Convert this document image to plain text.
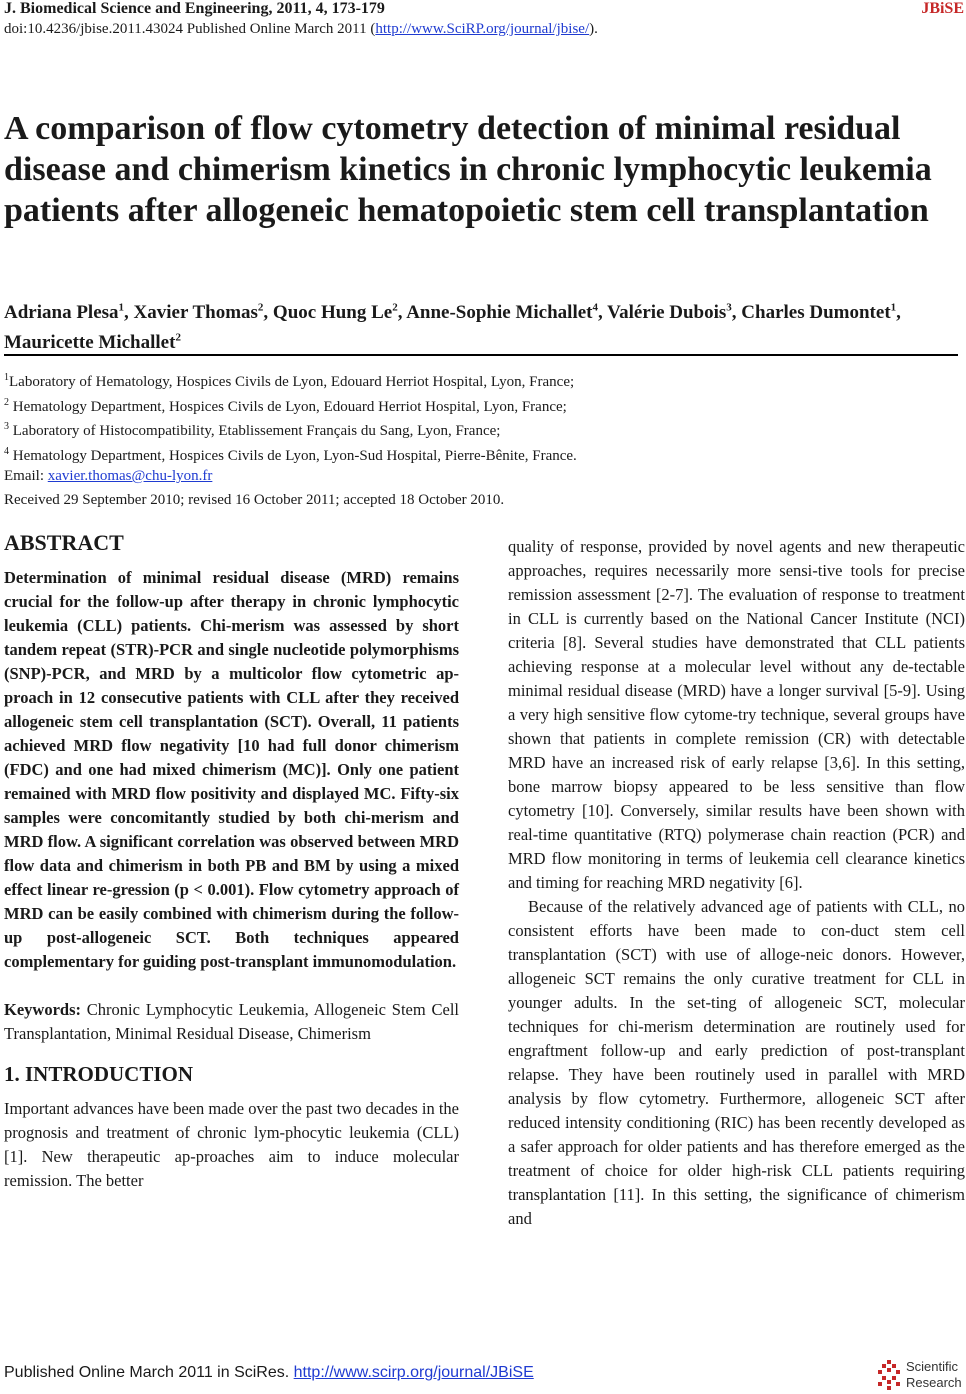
J. Biomedical Science and Engineering, 2011, 4, 173-179	JBiSE
doi:10.4236/jbise.2011.43024 Published Online March 2011 (http://www.SciRP.org/journal/jbise/).
A comparison of flow cytometry detection of minimal residual disease and chimerism kinetics in chronic lymphocytic leukemia patients after allogeneic hematopoietic stem cell transplantation

Adriana Plesa$^1$, Xavier Thomas$^2$, Quoc Hung Le$^2$, Anne-Sophie Michallet$^4$, Valérie Dubois$^3$, Charles Dumontet$^1$, Mauricette Michallet$^2$

$^1$Laboratory of Hematology, Hospices Civils de Lyon, Edouard Herriot Hospital, Lyon, France;
$^2$ Hematology Department, Hospices Civils de Lyon, Edouard Herriot Hospital, Lyon, France;
$^3$ Laboratory of Histocompatibility, Etablissement Français du Sang, Lyon, France;
$^4$ Hematology Department, Hospices Civils de Lyon, Lyon-Sud Hospital, Pierre-Bênite, France.
Email: xavier.thomas@chu-lyon.fr
Received 29 September 2010; revised 16 October 2011; accepted 18 October 2010.
ABSTRACT

Determination of minimal residual disease (MRD) remains crucial for the follow-up after therapy in chronic lymphocytic leukemia (CLL) patients. Chi-merism was assessed by short tandem repeat (STR)-PCR and single nucleotide polymorphisms (SNP)-PCR, and MRD by a multicolor flow cytometric ap-proach in 12 consecutive patients with CLL after they received allogeneic stem cell transplantation (SCT). Overall, 11 patients achieved MRD flow negativity [10 had full donor chimerism (FDC) and one had mixed chimerism (MC)]. Only one patient remained with MRD flow positivity and displayed MC. Fifty-six samples were concomitantly studied by both chi-merism and MRD flow. A significant correlation was observed between MRD flow data and chimerism in both PB and BM by using a mixed effect linear re-gression (p < 0.001). Flow cytometry approach of MRD can be easily combined with chimerism during the follow-up post-allogeneic SCT. Both techniques appeared complementary for guiding post-transplant immunomodulation.

Keywords: Chronic Lymphocytic Leukemia, Allogeneic Stem Cell Transplantation, Minimal Residual Disease, Chimerism

1. INTRODUCTION

Important advances have been made over the past two decades in the prognosis and treatment of chronic lym-phocytic leukemia (CLL) [1]. New therapeutic ap-proaches aim to induce molecular remission. The better

quality of response, provided by novel agents and new therapeutic approaches, requires necessarily more sensi-tive tools for precise remission assessment [2-7]. The evaluation of response to treatment in CLL is currently based on the National Cancer Institute (NCI) criteria [8]. Several studies have demonstrated that CLL patients achieving response at a molecular level without any de-tectable minimal residual disease (MRD) have a longer survival [5-9]. Using a very high sensitive flow cytome-try technique, several groups have shown that patients in complete remission (CR) with detectable MRD have an increased risk of early relapse [3,6]. In this setting, bone marrow biopsy appeared to be less sensitive than flow cytometry [10]. Conversely, similar results have been shown with real-time quantitative (RTQ) polymerase chain reaction (PCR) and MRD flow monitoring in terms of leukemia cell clearance kinetics and timing for reaching MRD negativity [6].

Because of the relatively advanced age of patients with CLL, no consistent efforts have been made to con-duct stem cell transplantation (SCT) with use of alloge-neic donors. However, allogeneic SCT remains the only curative treatment for CLL in younger adults. In the set-ting of allogeneic SCT, molecular techniques for chi-merism determination are routinely used for engraftment follow-up and early prediction of post-transplant relapse. They have been routinely used in parallel with MRD analysis by flow cytometry. Furthermore, allogeneic SCT after reduced intensity conditioning (RIC) has been recently developed as a safer approach for older patients and has therefore emerged as the treatment of choice for older high-risk CLL patients requiring transplantation [11]. In this setting, the significance of chimerism and

Published Online March 2011 in SciRes. http://www.scirp.org/journal/JBiSE	Scientific
Research
